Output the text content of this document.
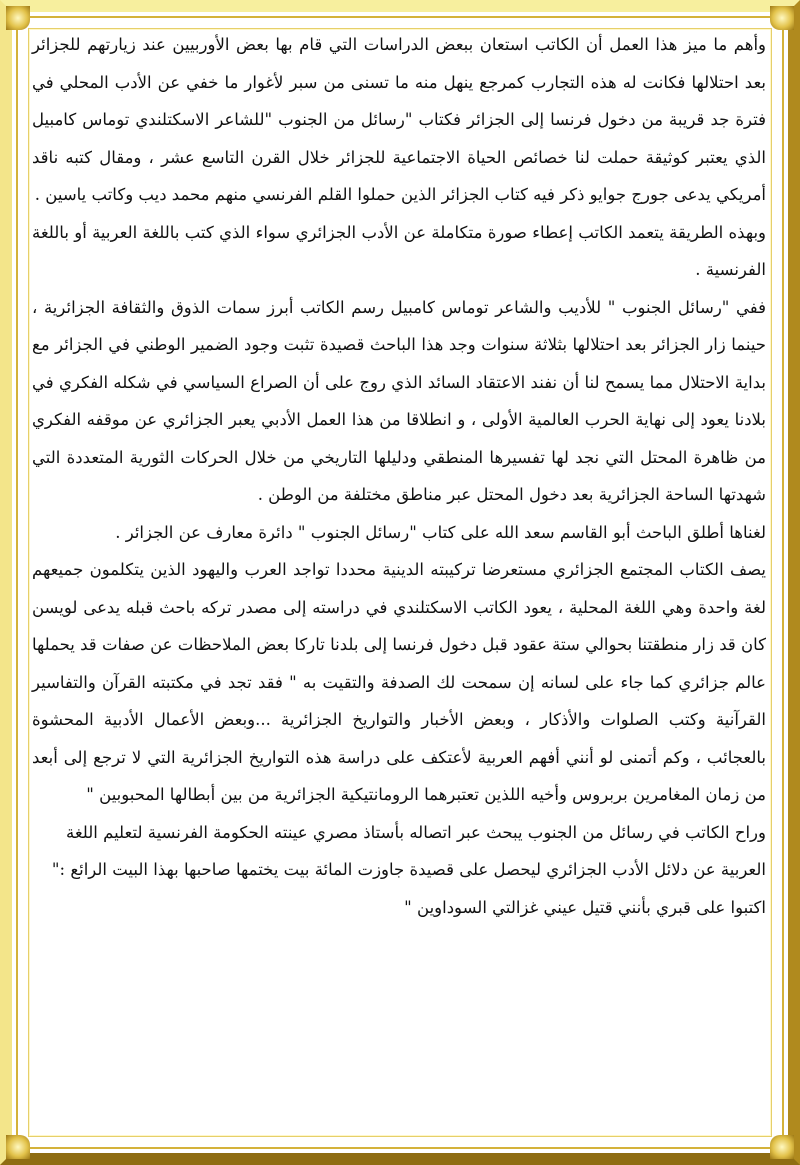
وأهم ما ميز هذا العمل أن الكاتب استعان ببعض الدراسات التي قام بها بعض الأوربيين عند زيارتهم للجزائر بعد احتلالها فكانت له هذه التجارب كمرجع ينهل منه ما تسنى من سبر لأغوار ما خفي عن الأدب المحلي في فترة جد قريبة من دخول فرنسا إلى الجزائر فكتاب "رسائل من الجنوب "للشاعر الاسكتلندي توماس كامبيل الذي يعتبر كوثيقة حملت لنا خصائص الحياة الاجتماعية للجزائر خلال القرن التاسع عشر ، ومقال كتبه ناقد أمريكي يدعى جورج جوايو ذكر فيه كتاب الجزائر الذين حملوا القلم الفرنسي منهم محمد ديب وكاتب ياسين .

وبهذه الطريقة يتعمد الكاتب إعطاء صورة متكاملة عن الأدب الجزائري سواء الذي كتب باللغة العربية أو باللغة الفرنسية .

ففي "رسائل الجنوب " للأديب والشاعر توماس كامبيل رسم الكاتب أبرز سمات الذوق والثقافة الجزائرية ، حينما زار الجزائر بعد احتلالها بثلاثة سنوات وجد هذا الباحث قصيدة تثبت وجود الضمير الوطني في الجزائر مع بداية الاحتلال مما يسمح لنا أن نفند الاعتقاد السائد الذي روج على أن الصراع السياسي في شكله الفكري في بلادنا يعود إلى نهاية الحرب العالمية الأولى ، و انطلاقا من هذا العمل الأدبي يعبر الجزائري عن موقفه الفكري من ظاهرة المحتل التي نجد لها تفسيرها المنطقي ودليلها التاريخي من خلال الحركات الثورية المتعددة التي شهدتها الساحة الجزائرية بعد دخول المحتل عبر مناطق مختلفة من الوطن .

لغناها أطلق الباحث أبو القاسم سعد الله على كتاب "رسائل الجنوب " دائرة معارف عن الجزائر .

يصف الكتاب المجتمع الجزائري مستعرضا تركيبته الدينية محددا تواجد العرب واليهود الذين يتكلمون جميعهم لغة واحدة وهي اللغة المحلية ، يعود الكاتب الاسكتلندي في دراسته إلى مصدر تركه باحث قبله يدعى لويسن كان قد زار منطقتنا بحوالي ستة عقود قبل دخول فرنسا إلى بلدنا تاركا بعض الملاحظات عن صفات قد يحملها عالم جزائري كما جاء على لسانه إن سمحت لك الصدفة والتقيت به " فقد تجد في مكتبته القرآن والتفاسير القرآنية وكتب الصلوات والأذكار ، وبعض الأخبار والتواريخ الجزائرية ...وبعض الأعمال الأدبية المحشوة بالعجائب ، وكم أتمنى لو أنني أفهم العربية لأعتكف على دراسة هذه التواريخ الجزائرية التي لا ترجع إلى أبعد من زمان المغامرين بربروس وأخيه اللذين تعتبرهما الرومانتيكية الجزائرية من بين أبطالها المحبوبين "

وراح الكاتب في رسائل من الجنوب يبحث عبر اتصاله بأستاذ مصري عينته الحكومة الفرنسية لتعليم اللغة العربية عن دلائل الأدب الجزائري ليحصل على قصيدة جاوزت المائة بيت يختمها صاحبها بهذا البيت الرائع :" اكتبوا على قبري بأنني قتيل عيني غزالتي السوداوين "
